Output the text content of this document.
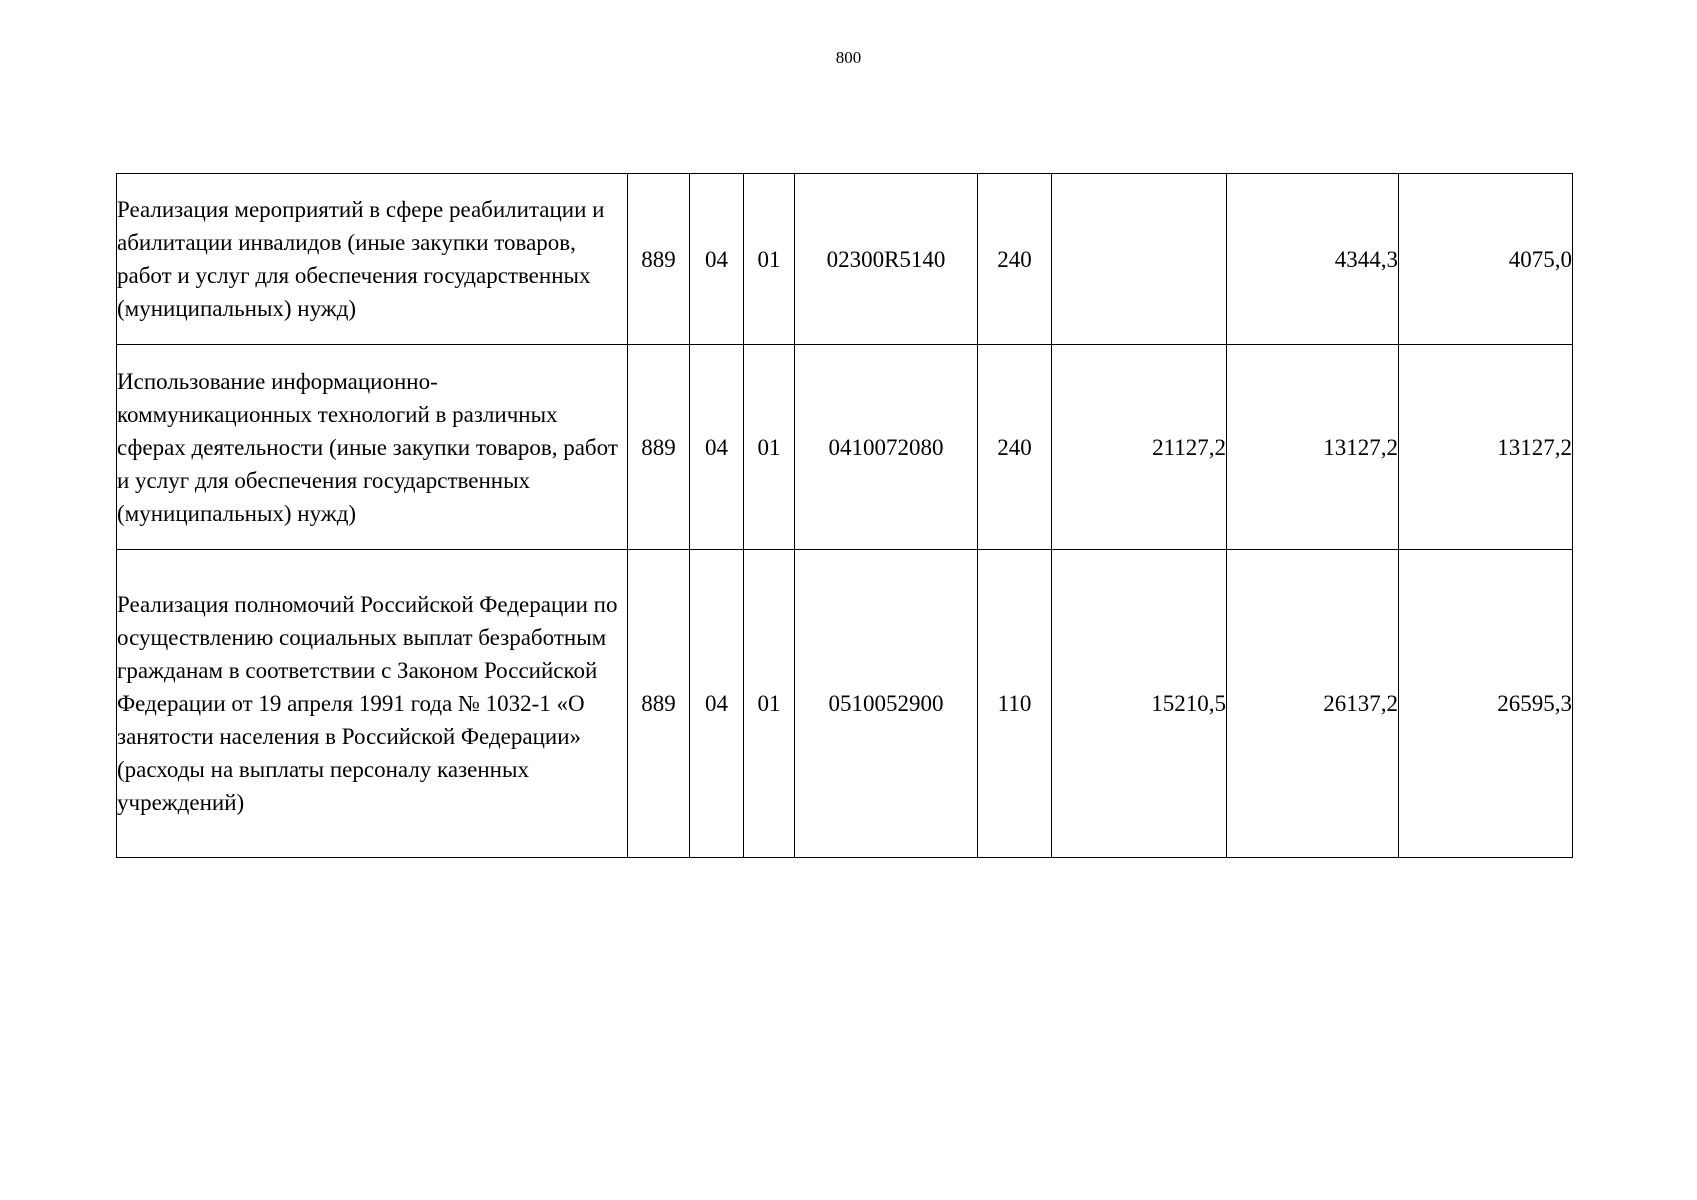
800
Реализация мероприятий в сфере реабилитации и абилитации инвалидов (иные закупки товаров, работ и услуг для обеспечения государственных (муниципальных) нужд)	889	04	01	02300R5140	240		4344,3	4075,0
Использование информационно-коммуникационных технологий в различных сферах деятельности (иные закупки товаров, работ и услуг для обеспечения государственных (муниципальных) нужд)	889	04	01	0410072080	240	21127,2	13127,2	13127,2
Реализация полномочий Российской Федерации по осуществлению социальных выплат безработным гражданам в соответствии с Законом Российской Федерации от 19 апреля 1991 года № 1032-1 «О занятости населения в Российской Федерации» (расходы на выплаты персоналу казенных учреждений)	889	04	01	0510052900	110	15210,5	26137,2	26595,3
